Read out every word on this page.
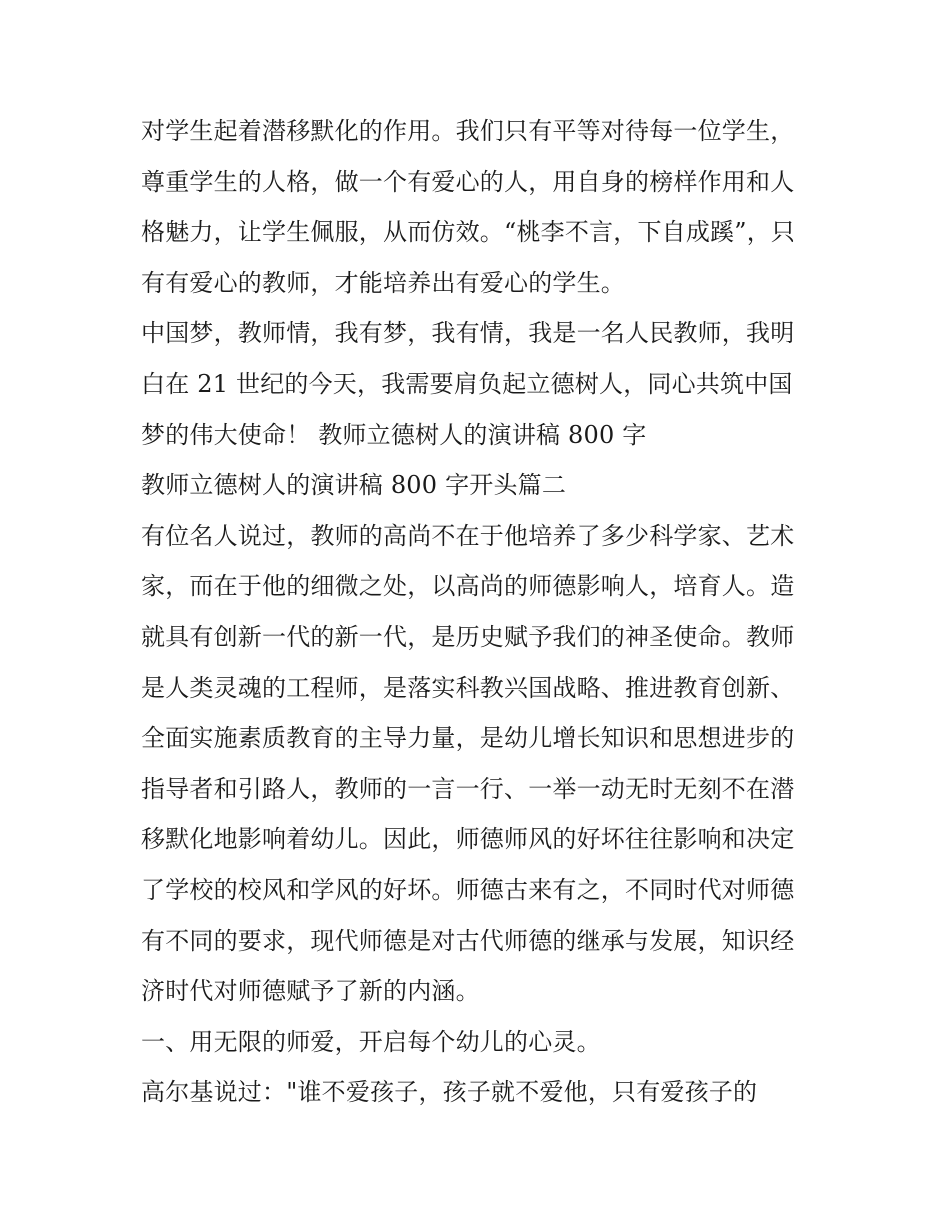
对学生起着潜移默化的作用。我们只有平等对待每一位学生，
尊重学生的人格，做一个有爱心的人，用自身的榜样作用和人
格魅力，让学生佩服，从而仿效。“桃李不言，下自成蹊”，只
有有爱心的教师，才能培养出有爱心的学生。
中国梦，教师情，我有梦，我有情，我是一名人民教师，我明
白在 21 世纪的今天，我需要肩负起立德树人，同心共筑中国
梦的伟大使命！ 教师立德树人的演讲稿 800 字
教师立德树人的演讲稿 800 字开头篇二
有位名人说过，教师的高尚不在于他培养了多少科学家、艺术
家，而在于他的细微之处，以高尚的师德影响人，培育人。造
就具有创新一代的新一代，是历史赋予我们的神圣使命。教师
是人类灵魂的工程师，是落实科教兴国战略、推进教育创新、
全面实施素质教育的主导力量，是幼儿增长知识和思想进步的
指导者和引路人，教师的一言一行、一举一动无时无刻不在潜
移默化地影响着幼儿。因此，师德师风的好坏往往影响和决定
了学校的校风和学风的好坏。师德古来有之，不同时代对师德
有不同的要求，现代师德是对古代师德的继承与发展，知识经
济时代对师德赋予了新的内涵。
一、用无限的师爱，开启每个幼儿的心灵。
高尔基说过："谁不爱孩子，孩子就不爱他，只有爱孩子的
